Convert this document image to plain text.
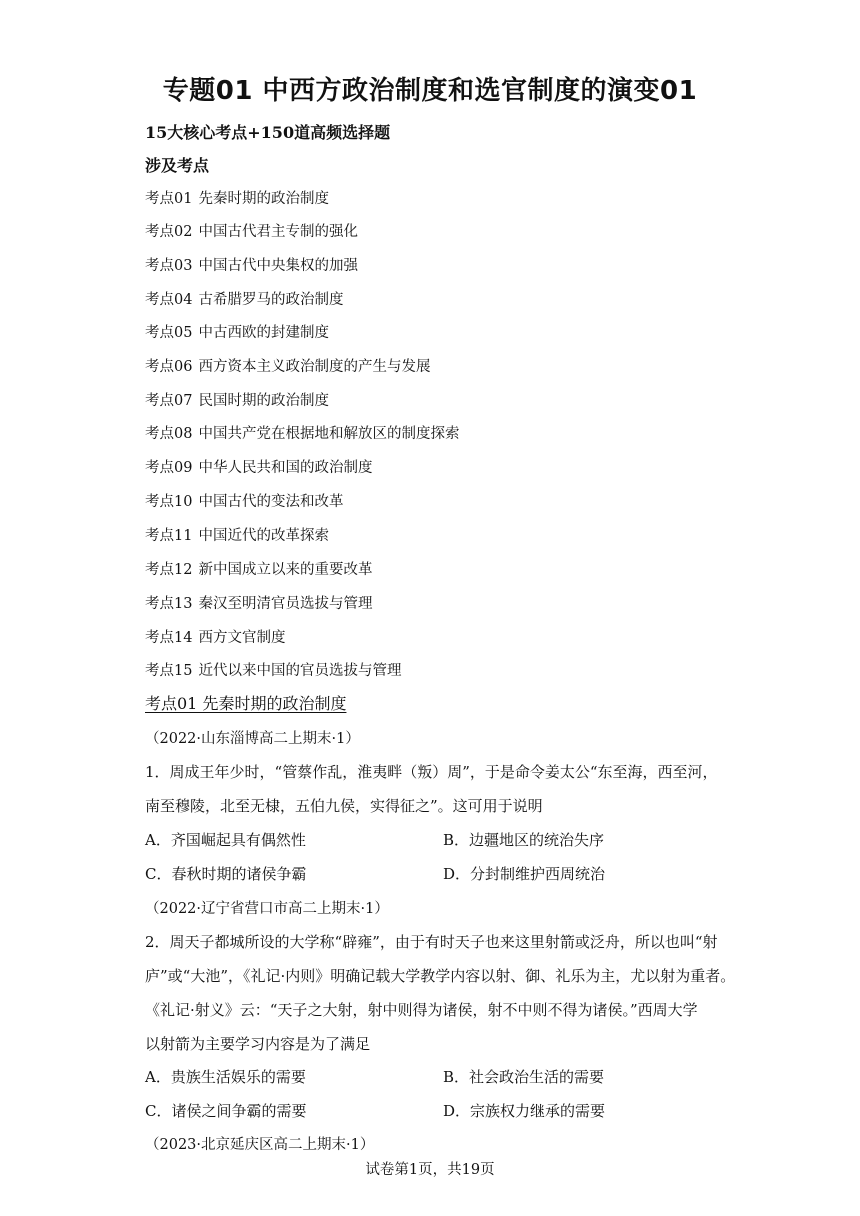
专题01 中西方政治制度和选官制度的演变01
15大核心考点+150道高频选择题
涉及考点
考点01 先秦时期的政治制度
考点02 中国古代君主专制的强化
考点03 中国古代中央集权的加强
考点04 古希腊罗马的政治制度
考点05 中古西欧的封建制度
考点06 西方资本主义政治制度的产生与发展
考点07 民国时期的政治制度
考点08 中国共产党在根据地和解放区的制度探索
考点09 中华人民共和国的政治制度
考点10 中国古代的变法和改革
考点11 中国近代的改革探索
考点12 新中国成立以来的重要改革
考点13 秦汉至明清官员选拔与管理
考点14 西方文官制度
考点15 近代以来中国的官员选拔与管理
考点01 先秦时期的政治制度
（2022·山东淄博高二上期末·1）
1．周成王年少时，“管蔡作乱，淮夷畔（叛）周”，于是命令姜太公“东至海，西至河，
南至穆陵，北至无棣，五伯九侯，实得征之”。这可用于说明
A．齐国崛起具有偶然性	B．边疆地区的统治失序
C．春秋时期的诸侯争霸	D．分封制维护西周统治
（2022·辽宁省营口市高二上期末·1）
2．周天子都城所设的大学称“辟雍”，由于有时天子也来这里射箭或泛舟，所以也叫“射
庐”或“大池”，《礼记·内则》明确记载大学教学内容以射、御、礼乐为主，尤以射为重者。
《礼记·射义》云：“天子之大射，射中则得为诸侯，射不中则不得为诸侯。”西周大学
以射箭为主要学习内容是为了满足
A．贵族生活娱乐的需要	B．社会政治生活的需要
C．诸侯之间争霸的需要	D．宗族权力继承的需要
（2023·北京延庆区高二上期末·1）
试卷第1页，共19页
